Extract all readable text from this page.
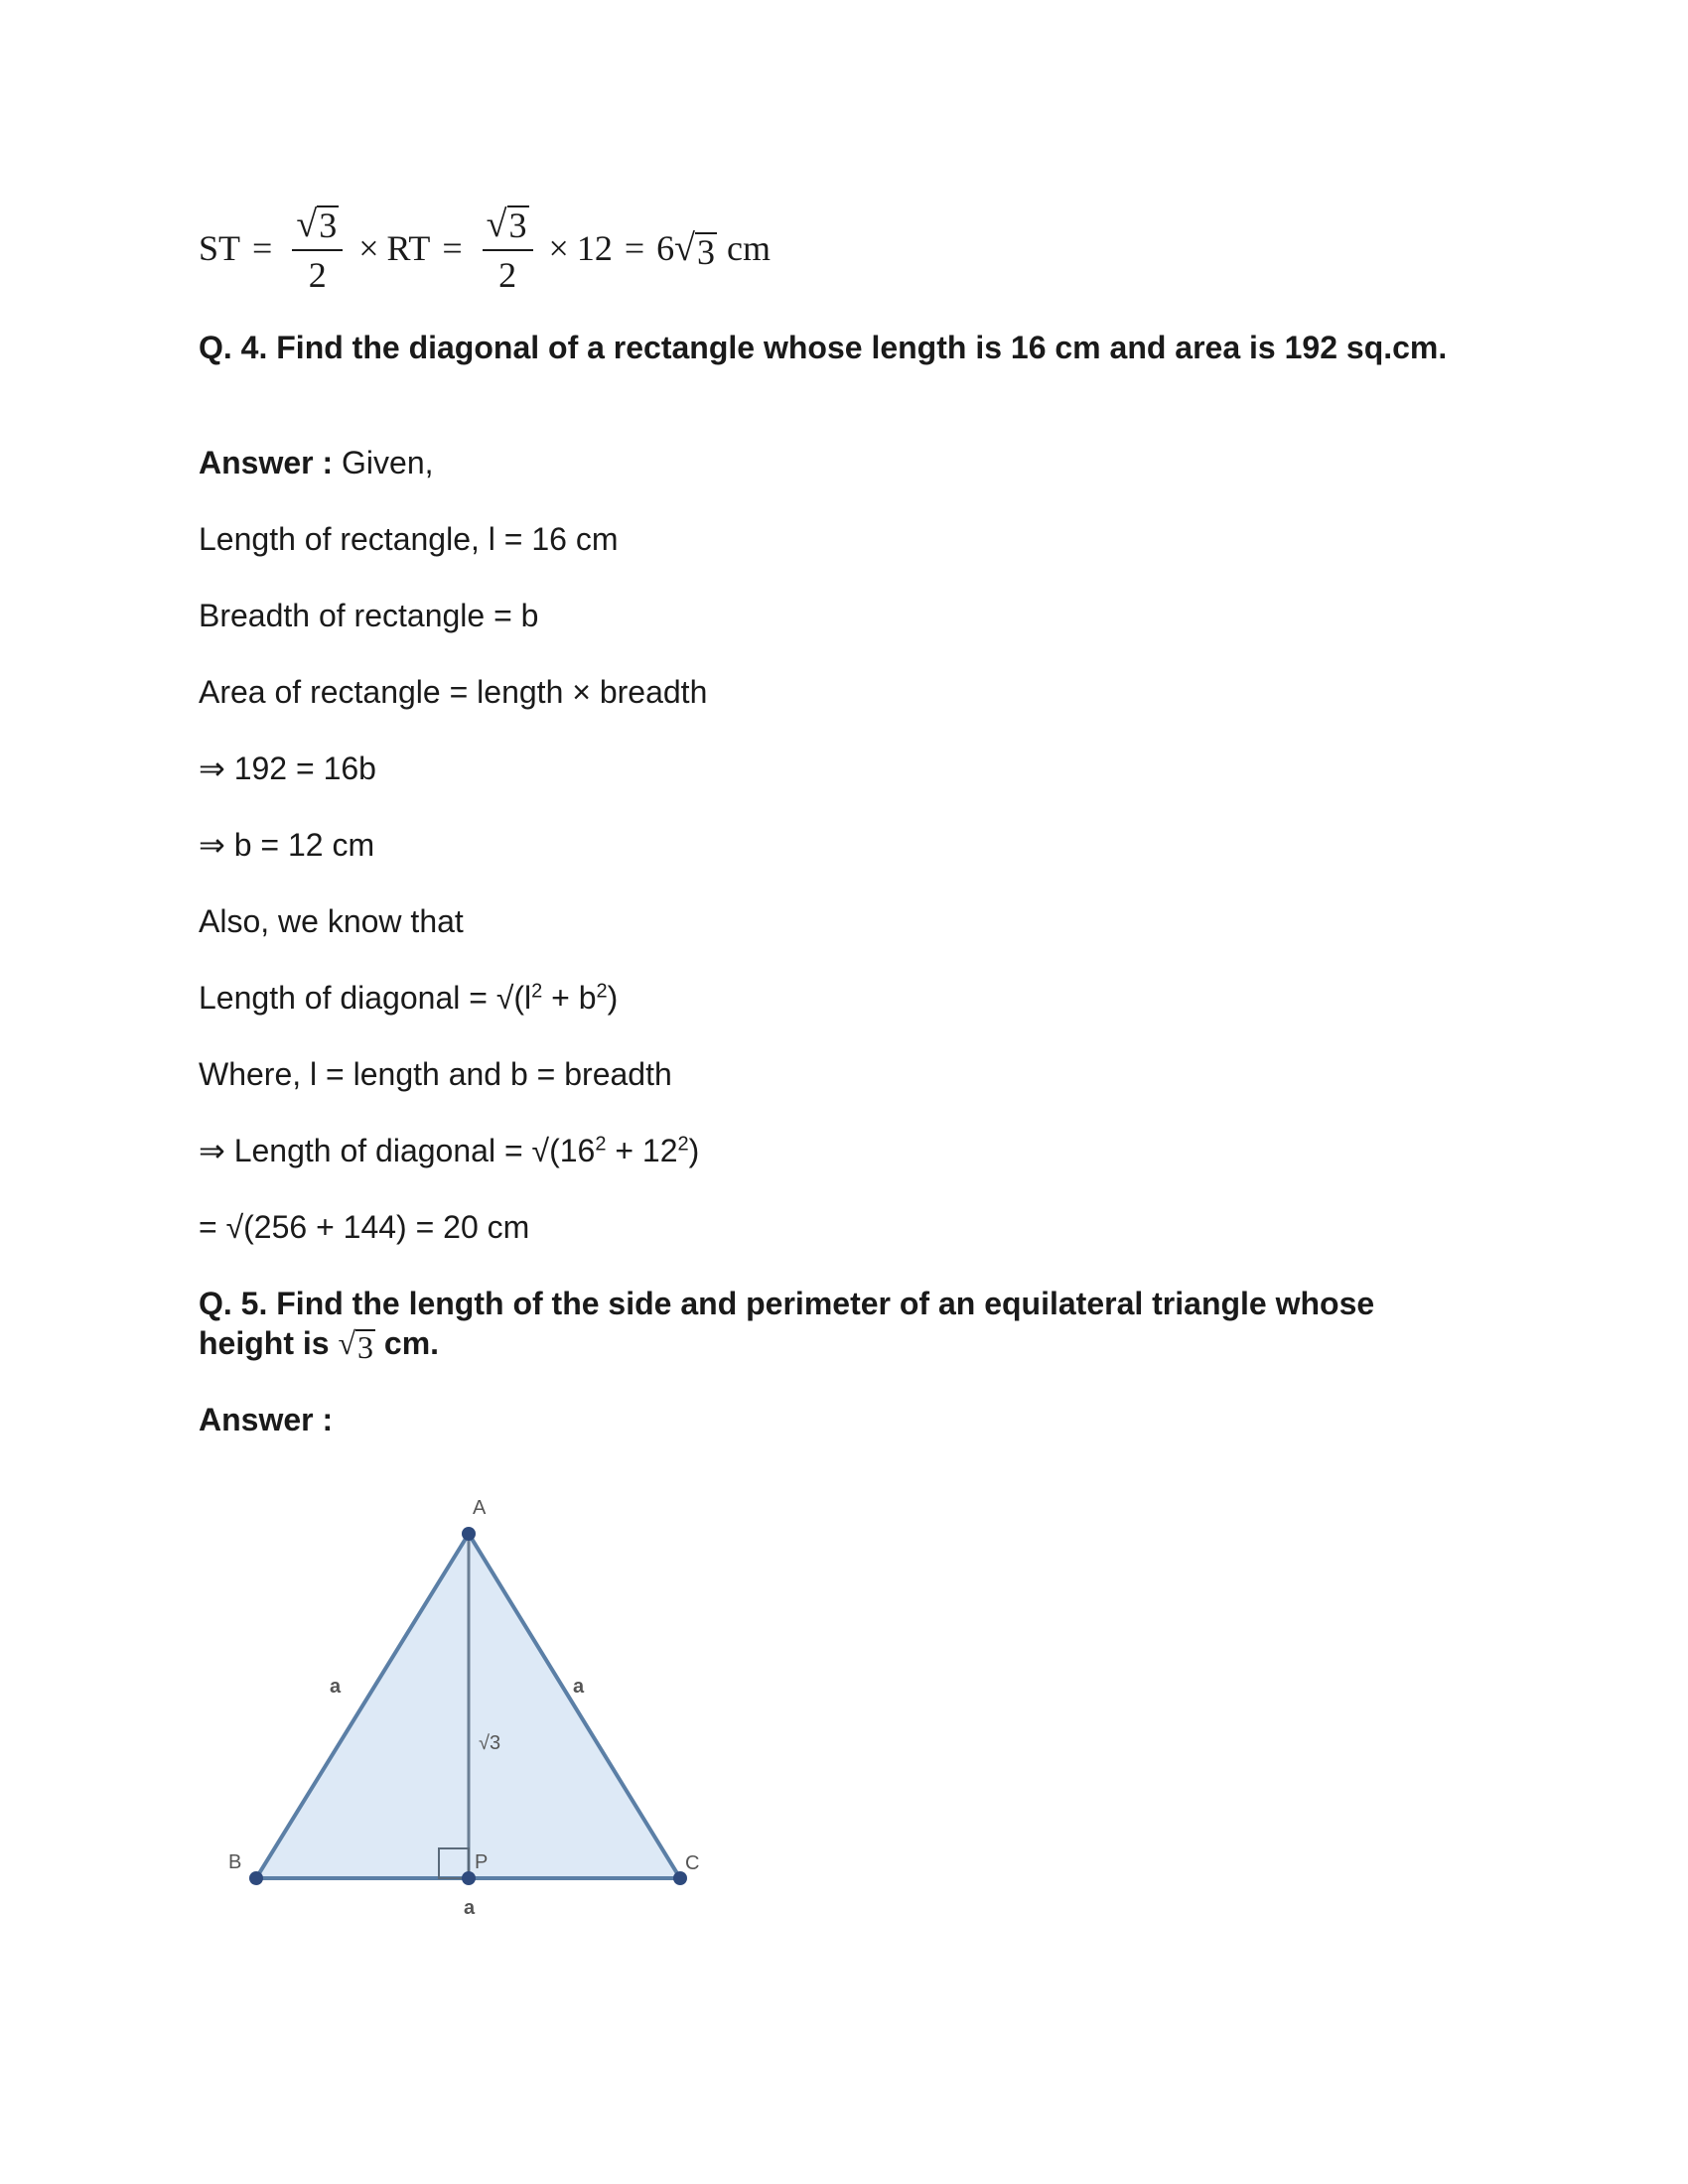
ST = $\frac{√ 3}{2}$ × RT = $\frac{√ 3}{2} \times 12 = 6$ √ 3 cm
Q. 4. Find the diagonal of a rectangle whose length is 16 cm and area is 192 sq.cm.
Answer : Given,
Length of rectangle, l = 16 cm
Breadth of rectangle = b
Area of rectangle = length × breadth
⇒ 192 = 16b
⇒ b = 12 cm
Also, we know that
Length of diagonal = $√(l^2 + b^2)$
Where, l = length and b = breadth
⇒ Length of diagonal = $√(16^2 + 12^2)$
= √(256 + 144) = 20 cm
Q. 5. Find the length of the side and perimeter of an equilateral triangle whose height is √ 3 cm.
Answer :
A
B	C
P
a	a
a
√3
